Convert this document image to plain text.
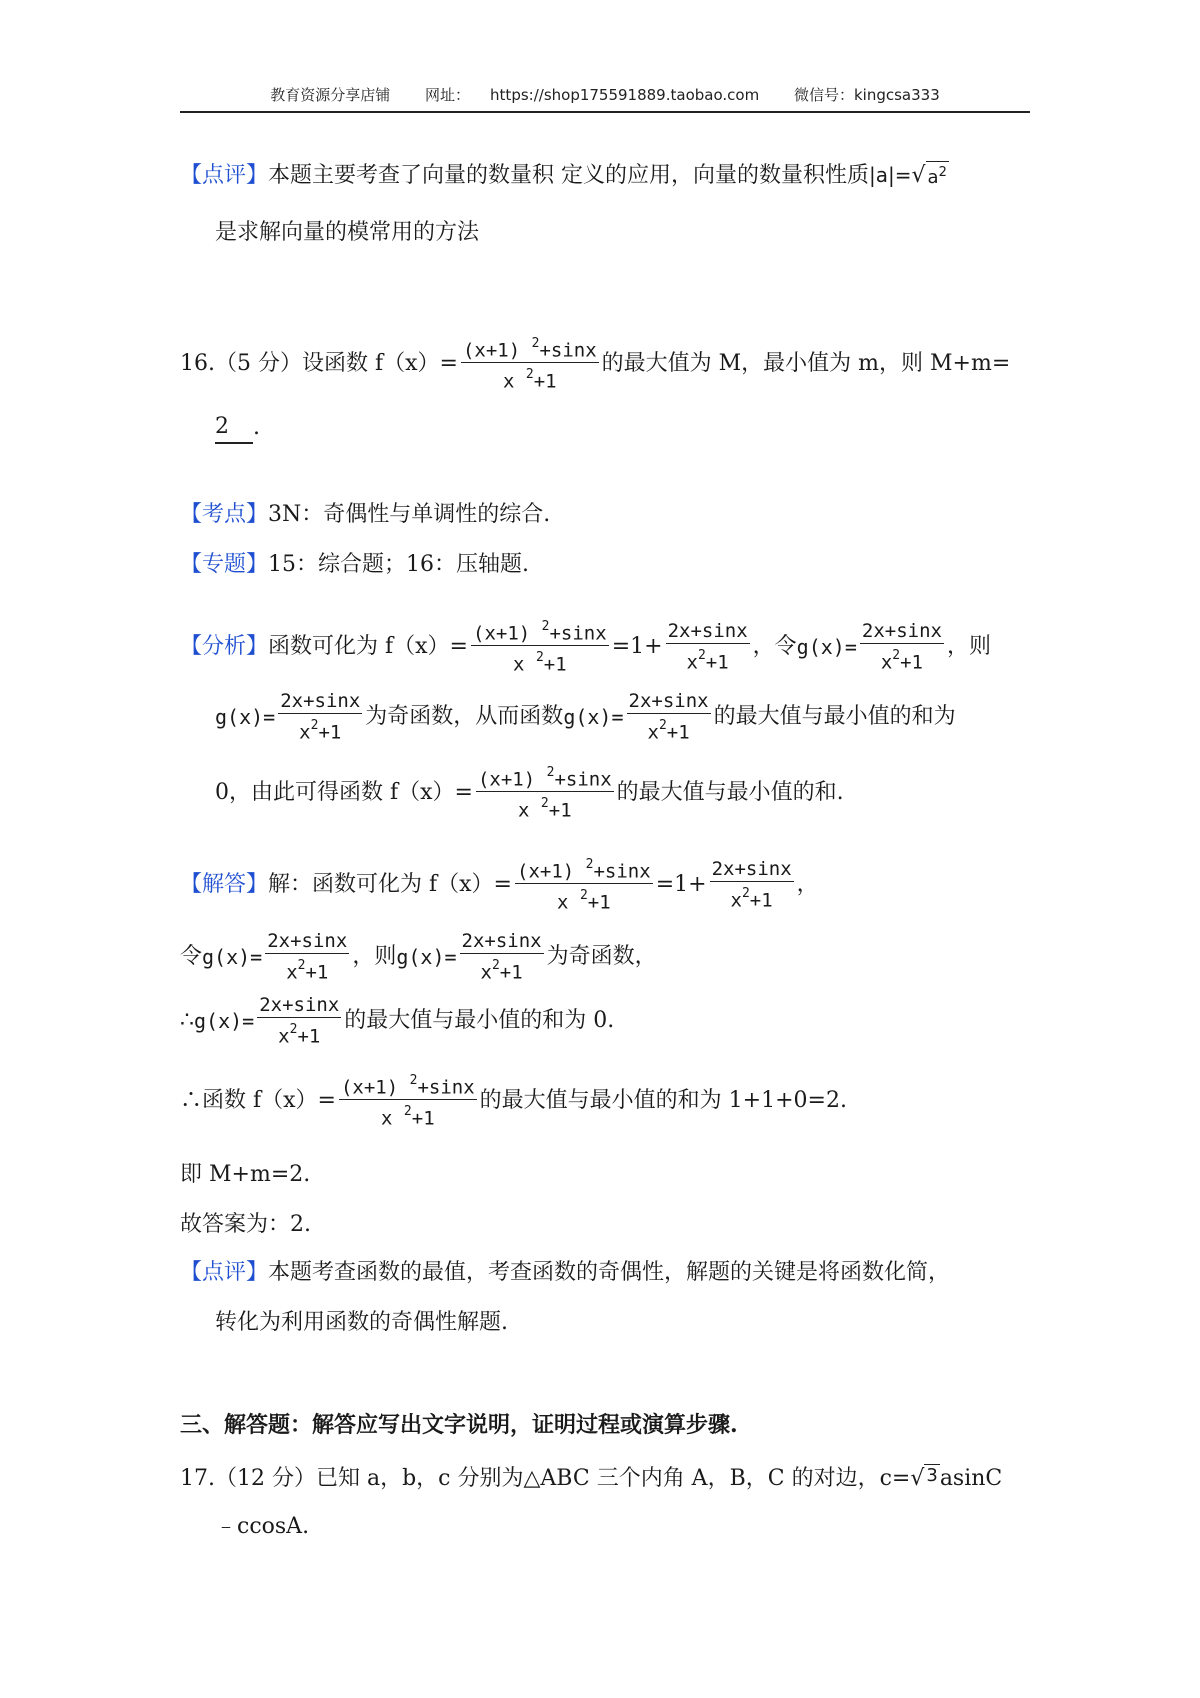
教育资源分享店铺 网址： https://shop175591889.taobao.com 微信号：kingcsa333
【点评】 本题主要考查了向量的数量积 定义的应用，向量的数量积性质 |a|= √ $a^2$
是求解向量的模常用的方法
16.（5 分）设函数 $f(x)= \frac{(x+1) ^2+\sin x}{x ^2+1}$ 的最大值为 M，最小值为 m，则 M+m=
2	.
【考点】 3N：奇偶性与单调性的综合.
【专题】 15：综合题；16：压轴题.
【分析】 函数可化为 $f(x)= \frac{(x+1) ^2+\sin x}{x ^2+1} =1+ \frac{2x+\sin x}{x^2+1}$ ，令 $g(x)= \frac{2x+\sin x}{x^2+1}$ ，则
$g(x)= \frac{2x+\sin x}{x^2+1}$ 为奇函数，从而函数 $g(x)= \frac{2x+\sin x}{x^2+1}$ 的最大值与最小值的和为
0，由此可得函数 $f(x)= \frac{(x+1) ^2+\sin x}{x ^2+1}$ 的最大值与最小值的和.
【解答】 解：函数可化为 $f(x)= \frac{(x+1) ^2+\sin x}{x ^2+1} =1+ \frac{2x+\sin x}{x^2+1}$ ，
令 $g(x)= \frac{2x+\sin x}{x^2+1}$ ，则 $g(x)= \frac{2x+\sin x}{x^2+1}$ 为奇函数，
∴ $g(x)= \frac{2x+\sin x}{x^2+1}$ 的最大值与最小值的和为 0.
∴函数 $f(x)= \frac{(x+1) ^2+\sin x}{x ^2+1}$ 的最大值与最小值的和为 1+1+0=2.
即 M+m=2.
故答案为：2.
【点评】 本题考查函数的最值，考查函数的奇偶性，解题的关键是将函数化简，
转化为利用函数的奇偶性解题.
三、解答题：解答应写出文字说明，证明过程或演算步骤.
17.（12 分）已知 a，b，c 分别为△ABC 三个内角 A，B，C 的对边，c= √ 3 asinC
﹣ccosA.
